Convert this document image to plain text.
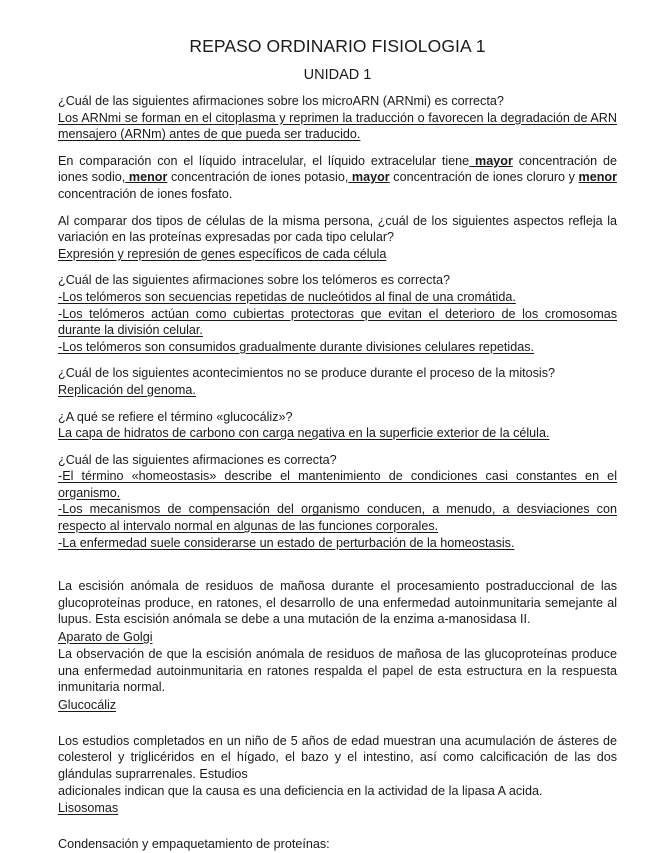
REPASO ORDINARIO FISIOLOGIA 1
UNIDAD 1

¿Cuál de las siguientes afirmaciones sobre los microARN (ARNmi) es correcta?

Los ARNmi se forman en el citoplasma y reprimen la traducción o favorecen la degradación de ARN mensajero (ARNm) antes de que pueda ser traducido.

En comparación con el líquido intracelular, el líquido extracelular tiene mayor concentración de iones sodio, menor concentración de iones potasio, mayor concentración de iones cloruro y menor concentración de iones fosfato.

Al comparar dos tipos de células de la misma persona, ¿cuál de los siguientes aspectos refleja la variación en las proteínas expresadas por cada tipo celular?

Expresión y represión de genes específicos de cada célula

¿Cuál de las siguientes afirmaciones sobre los telómeros es correcta?

-Los telómeros son secuencias repetidas de nucleótidos al final de una cromátida.

-Los telómeros actúan como cubiertas protectoras que evitan el deterioro de los cromosomas durante la división celular.

-Los telómeros son consumidos gradualmente durante divisiones celulares repetidas.

¿Cuál de los siguientes acontecimientos no se produce durante el proceso de la mitosis?

Replicación del genoma.

¿A qué se refiere el término «glucocáliz»?

La capa de hidratos de carbono con carga negativa en la superficie exterior de la célula.

¿Cuál de las siguientes afirmaciones es correcta?

-El término «homeostasis» describe el mantenimiento de condiciones casi constantes en el organismo.

-Los mecanismos de compensación del organismo conducen, a menudo, a desviaciones con respecto al intervalo normal en algunas de las funciones corporales.

-La enfermedad suele considerarse un estado de perturbación de la homeostasis.

La escisión anómala de residuos de mañosa durante el procesamiento postraduccional de las glucoproteínas produce, en ratones, el desarrollo de una enfermedad autoinmunitaria semejante al lupus. Esta escisión anómala se debe a una mutación de la enzima a-manosidasa II.

Aparato de Golgi

La observación de que la escisión anómala de residuos de mañosa de las glucoproteínas produce una enfermedad autoinmunitaria en ratones respalda el papel de esta estructura en la respuesta inmunitaria normal.

Glucocáliz

Los estudios completados en un niño de 5 años de edad muestran una acumulación de ásteres de colesterol y triglicéridos en el hígado, el bazo y el intestino, así como calcificación de las dos glándulas suprarrenales. Estudios

adicionales indican que la causa es una deficiencia en la actividad de la lipasa A acida.

Lisosomas

Condensación y empaquetamiento de proteínas:
